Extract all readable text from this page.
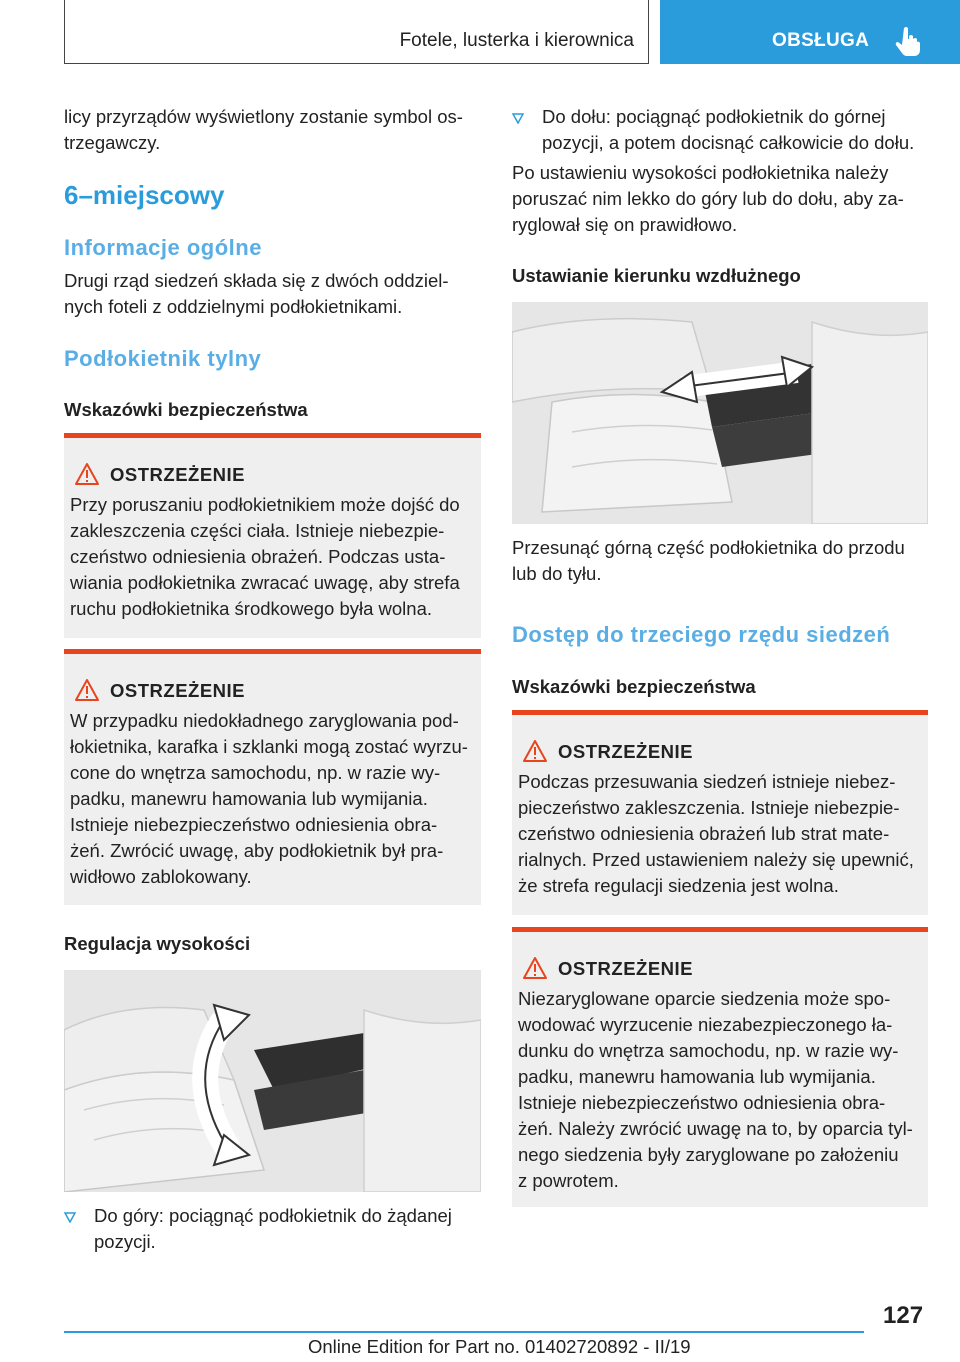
Fotele, lusterka i kierownica	OBSŁUGA
licy przyrządów wyświetlony zostanie symbol os-
trzegawczy.
6–miejscowy
Informacje ogólne
Drugi rząd siedzeń składa się z dwóch oddziel-
nych foteli z oddzielnymi podłokietnikami.
Podłokietnik tylny
Wskazówki bezpieczeństwa
OSTRZEŻENIE
Przy poruszaniu podłokietnikiem może dojść do
zakleszczenia części ciała. Istnieje niebezpie-
czeństwo odniesienia obrażeń. Podczas usta-
wiania podłokietnika zwracać uwagę, aby strefa
ruchu podłokietnika środkowego była wolna.
OSTRZEŻENIE
W przypadku niedokładnego zaryglowania pod-
łokietnika, karafka i szklanki mogą zostać wyrzu-
cone do wnętrza samochodu, np. w razie wy-
padku, manewru hamowania lub wymijania.
Istnieje niebezpieczeństwo odniesienia obra-
żeń. Zwrócić uwagę, aby podłokietnik był pra-
widłowo zablokowany.
Regulacja wysokości
Do góry: pociągnąć podłokietnik do żądanej
pozycji.
Do dołu: pociągnąć podłokietnik do górnej
pozycji, a potem docisnąć całkowicie do dołu.
Po ustawieniu wysokości podłokietnika należy
poruszać nim lekko do góry lub do dołu, aby za-
ryglował się on prawidłowo.
Ustawianie kierunku wzdłużnego
Przesunąć górną część podłokietnika do przodu
lub do tyłu.
Dostęp do trzeciego rzędu siedzeń
Wskazówki bezpieczeństwa
OSTRZEŻENIE
Podczas przesuwania siedzeń istnieje niebez-
pieczeństwo zakleszczenia. Istnieje niebezpie-
czeństwo odniesienia obrażeń lub strat mate-
rialnych. Przed ustawieniem należy się upewnić,
że strefa regulacji siedzenia jest wolna.
OSTRZEŻENIE
Niezaryglowane oparcie siedzenia może spo-
wodować wyrzucenie niezabezpieczonego ła-
dunku do wnętrza samochodu, np. w razie wy-
padku, manewru hamowania lub wymijania.
Istnieje niebezpieczeństwo odniesienia obra-
żeń. Należy zwrócić uwagę na to, by oparcia tyl-
nego siedzenia były zaryglowane po założeniu
z powrotem.
127
Online Edition for Part no. 01402720892 - II/19
